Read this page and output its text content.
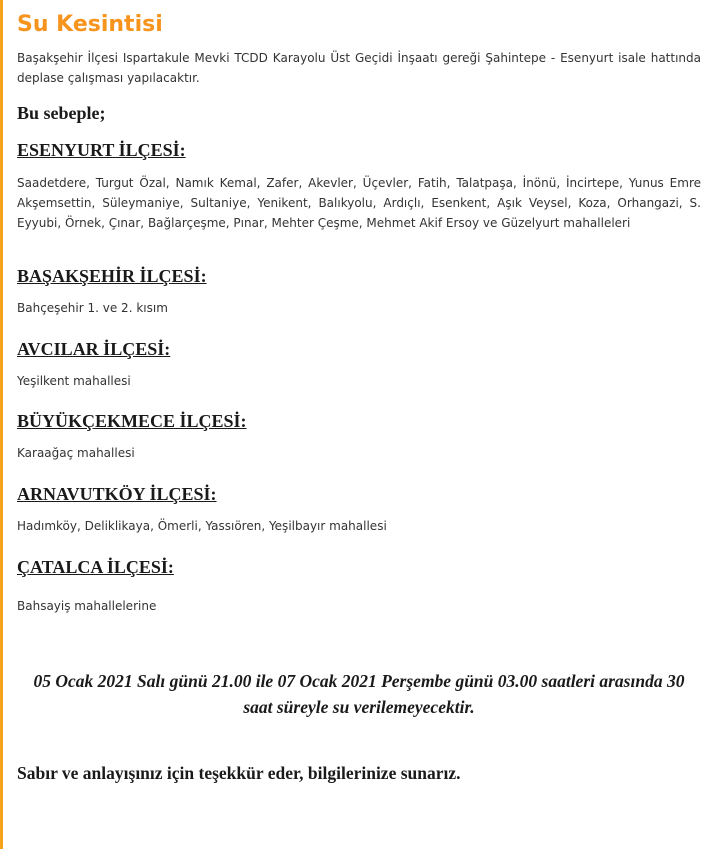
Su Kesintisi

Başakşehir İlçesi Ispartakule Mevki TCDD Karayolu Üst Geçidi İnşaatı gereği Şahintepe - Esenyurt isale hattında deplase çalışması yapılacaktır.

Bu sebeple;

ESENYURT İLÇESİ:

Saadetdere, Turgut Özal, Namık Kemal, Zafer, Akevler, Üçevler, Fatih, Talatpaşa, İnönü, İncirtepe, Yunus Emre Akşemsettin, Süleymaniye, Sultaniye, Yenikent, Balıkyolu, Ardıçlı, Esenkent, Aşık Veysel, Koza, Orhangazi, S. Eyyubi, Örnek, Çınar, Bağlarçeşme, Pınar, Mehter Çeşme, Mehmet Akif Ersoy ve Güzelyurt mahalleleri

BAŞAKŞEHİR İLÇESİ:

Bahçeşehir 1. ve 2. kısım

AVCILAR İLÇESİ:

Yeşilkent mahallesi

BÜYÜKÇEKMECE İLÇESİ:

Karaağaç mahallesi

ARNAVUTKÖY İLÇESİ:

Hadımköy, Deliklikaya, Ömerli, Yassıören, Yeşilbayır mahallesi

ÇATALCA İLÇESİ:

Bahsayiş mahallelerine

05 Ocak 2021 Salı günü 21.00 ile 07 Ocak 2021 Perşembe günü 03.00 saatleri arasında 30 saat süreyle su verilemeyecektir.

Sabır ve anlayışınız için teşekkür eder, bilgilerinize sunarız.
